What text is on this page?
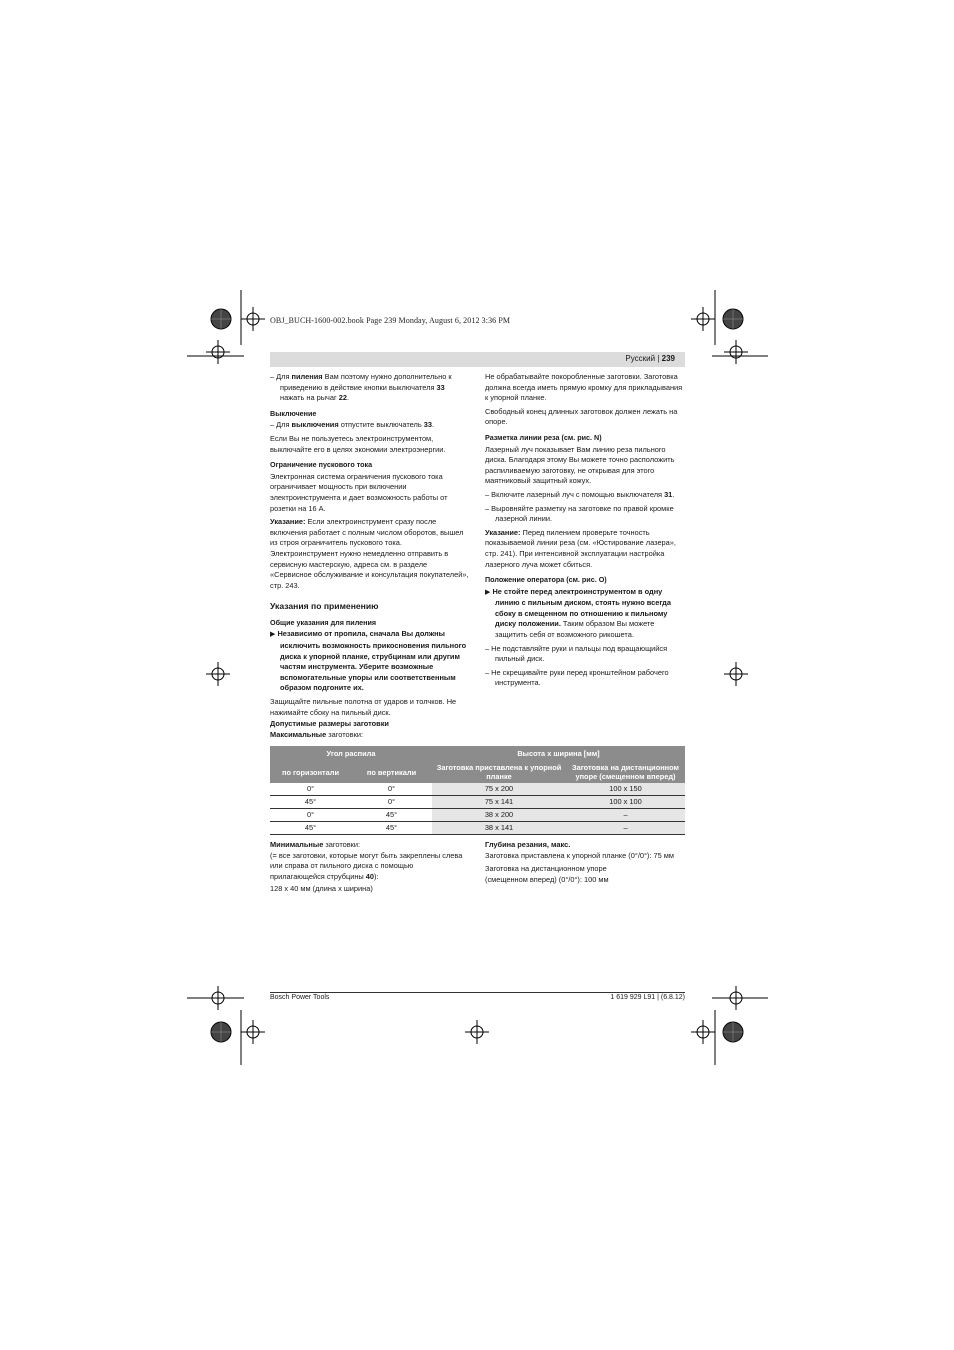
OBJ_BUCH-1600-002.book Page 239 Monday, August 6, 2012 3:36 PM
Русский | 239

– Для пиления Вам поэтому нужно дополнительно к приведению в действие кнопки выключателя 33 нажать на рычаг 22.

Выключение

– Для выключения отпустите выключатель 33.

Если Вы не пользуетесь электроинструментом, выключайте его в целях экономии электроэнергии.

Ограничение пускового тока

Электронная система ограничения пускового тока ограничивает мощность при включении электроинструмента и дает возможность работы от розетки на 16 А.

Указание: Если электроинструмент сразу после включения работает с полным числом оборотов, вышел из строя ограничитель пускового тока. Электроинструмент нужно немедленно отправить в сервисную мастерскую, адреса см. в разделе «Сервисное обслуживание и консультация покупателей», стр. 243.

Указания по применению

Общие указания для пиления

▶ Независимо от пропила, сначала Вы должны исключить возможность прикосновения пильного диска к упорной планке, струбцинам или другим частям инструмента. Уберите возможные вспомогательные упоры или соответственным образом подгоните их.

Защищайте пильные полотна от ударов и толчков. Не нажимайте сбоку на пильный диск.

Не обрабатывайте покоробленные заготовки. Заготовка должна всегда иметь прямую кромку для прикладывания к упорной планке.

Свободный конец длинных заготовок должен лежать на опоре.

Разметка линии реза (см. рис. N)

Лазерный луч показывает Вам линию реза пильного диска. Благодаря этому Вы можете точно расположить распиливаемую заготовку, не открывая для этого маятниковый защитный кожух.

– Включите лазерный луч с помощью выключателя 31.

– Выровняйте разметку на заготовке по правой кромке лазерной линии.

Указание: Перед пилением проверьте точность показываемой линии реза (см. «Юстирование лазера», стр. 241). При интенсивной эксплуатации настройка лазерного луча может сбиться.

Положение оператора (см. рис. O)

▶ Не стойте перед электроинструментом в одну линию с пильным диском, стоять нужно всегда сбоку в смещенном по отношению к пильному диску положении. Таким образом Вы можете защитить себя от возможного рикошета.

– Не подставляйте руки и пальцы под вращающийся пильный диск.

– Не скрещивайте руки перед кронштейном рабочего инструмента.

Допустимые размеры заготовки
Максимальные заготовки:
Угол распила		Высота x ширина [мм]	
по горизонтали	по вертикали	Заготовка приставлена к упорной планке	Заготовка на дистанционном упоре (смещенном вперед)
0°	0°	75 x 200	100 x 150
45°	0°	75 x 141	100 x 100
0°	45°	38 x 200	–
45°	45°	38 x 141	–
Минимальные заготовки:
(= все заготовки, которые могут быть закреплены слева или справа от пильного диска с помощью прилагающейся струбцины 40):
128 x 40 мм (длина x ширина)
Глубина резания, макс.
Заготовка приставлена к упорной планке (0°/0°): 75 мм
Заготовка на дистанционном упоре
(смещенном вперед) (0°/0°): 100 мм
Bosch Power Tools	1 619 929 L91 | (6.8.12)
